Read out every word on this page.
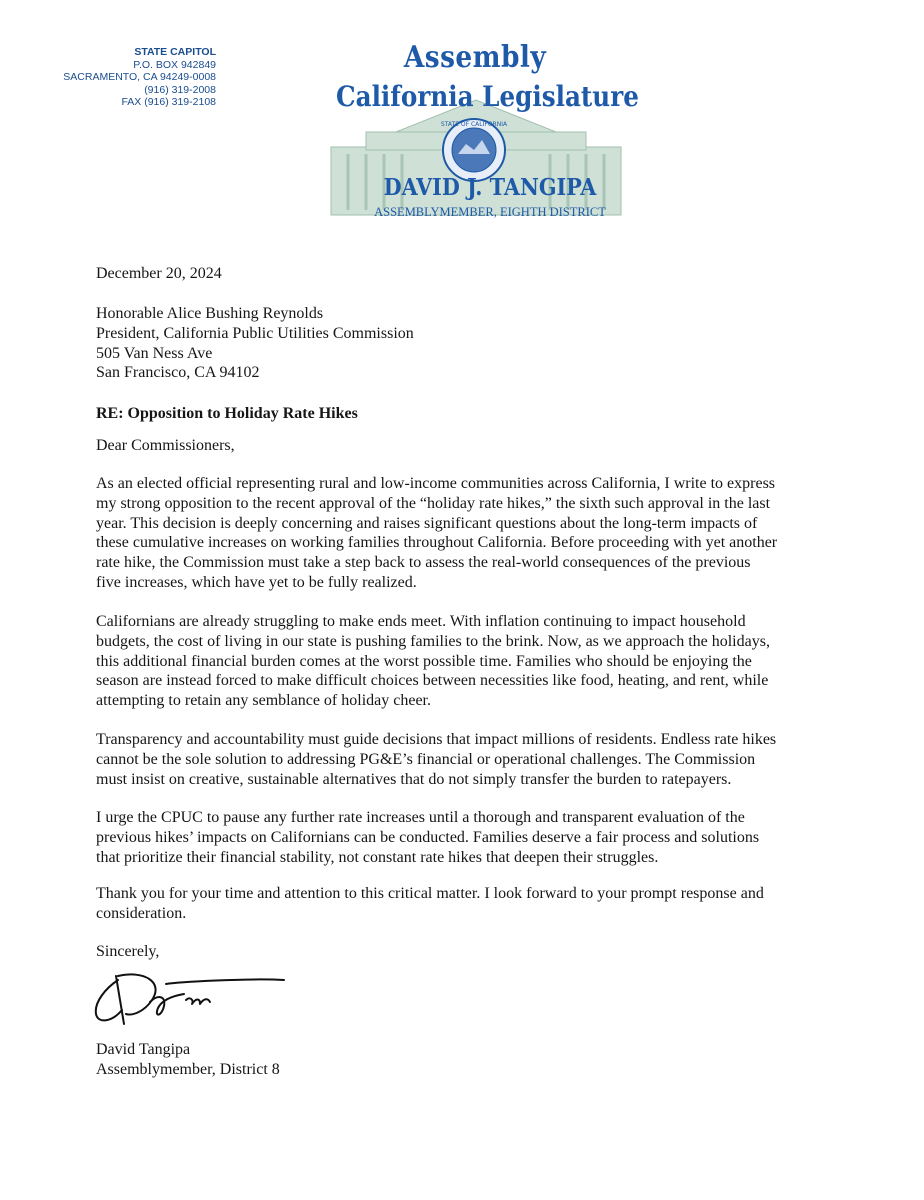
STATE CAPITOL
P.O. BOX 942849
SACRAMENTO, CA 94249-0008
(916) 319-2008
FAX (916) 319-2108
STATE OF CALIFORNIA
Assembly
California Legislature
DAVID J. TANGIPA
ASSEMBLYMEMBER, EIGHTH DISTRICT
December 20, 2024
Honorable Alice Bushing Reynolds
President, California Public Utilities Commission
505 Van Ness Ave
San Francisco, CA 94102
RE: Opposition to Holiday Rate Hikes
Dear Commissioners,
As an elected official representing rural and low-income communities across California, I write to express
my strong opposition to the recent approval of the “holiday rate hikes,” the sixth such approval in the last
year. This decision is deeply concerning and raises significant questions about the long-term impacts of
these cumulative increases on working families throughout California. Before proceeding with yet another
rate hike, the Commission must take a step back to assess the real-world consequences of the previous
five increases, which have yet to be fully realized.
Californians are already struggling to make ends meet. With inflation continuing to impact household
budgets, the cost of living in our state is pushing families to the brink. Now, as we approach the holidays,
this additional financial burden comes at the worst possible time. Families who should be enjoying the
season are instead forced to make difficult choices between necessities like food, heating, and rent, while
attempting to retain any semblance of holiday cheer.
Transparency and accountability must guide decisions that impact millions of residents. Endless rate hikes
cannot be the sole solution to addressing PG&E’s financial or operational challenges. The Commission
must insist on creative, sustainable alternatives that do not simply transfer the burden to ratepayers.
I urge the CPUC to pause any further rate increases until a thorough and transparent evaluation of the
previous hikes’ impacts on Californians can be conducted. Families deserve a fair process and solutions
that prioritize their financial stability, not constant rate hikes that deepen their struggles.
Thank you for your time and attention to this critical matter. I look forward to your prompt response and
consideration.
Sincerely,
David Tangipa
Assemblymember, District 8
